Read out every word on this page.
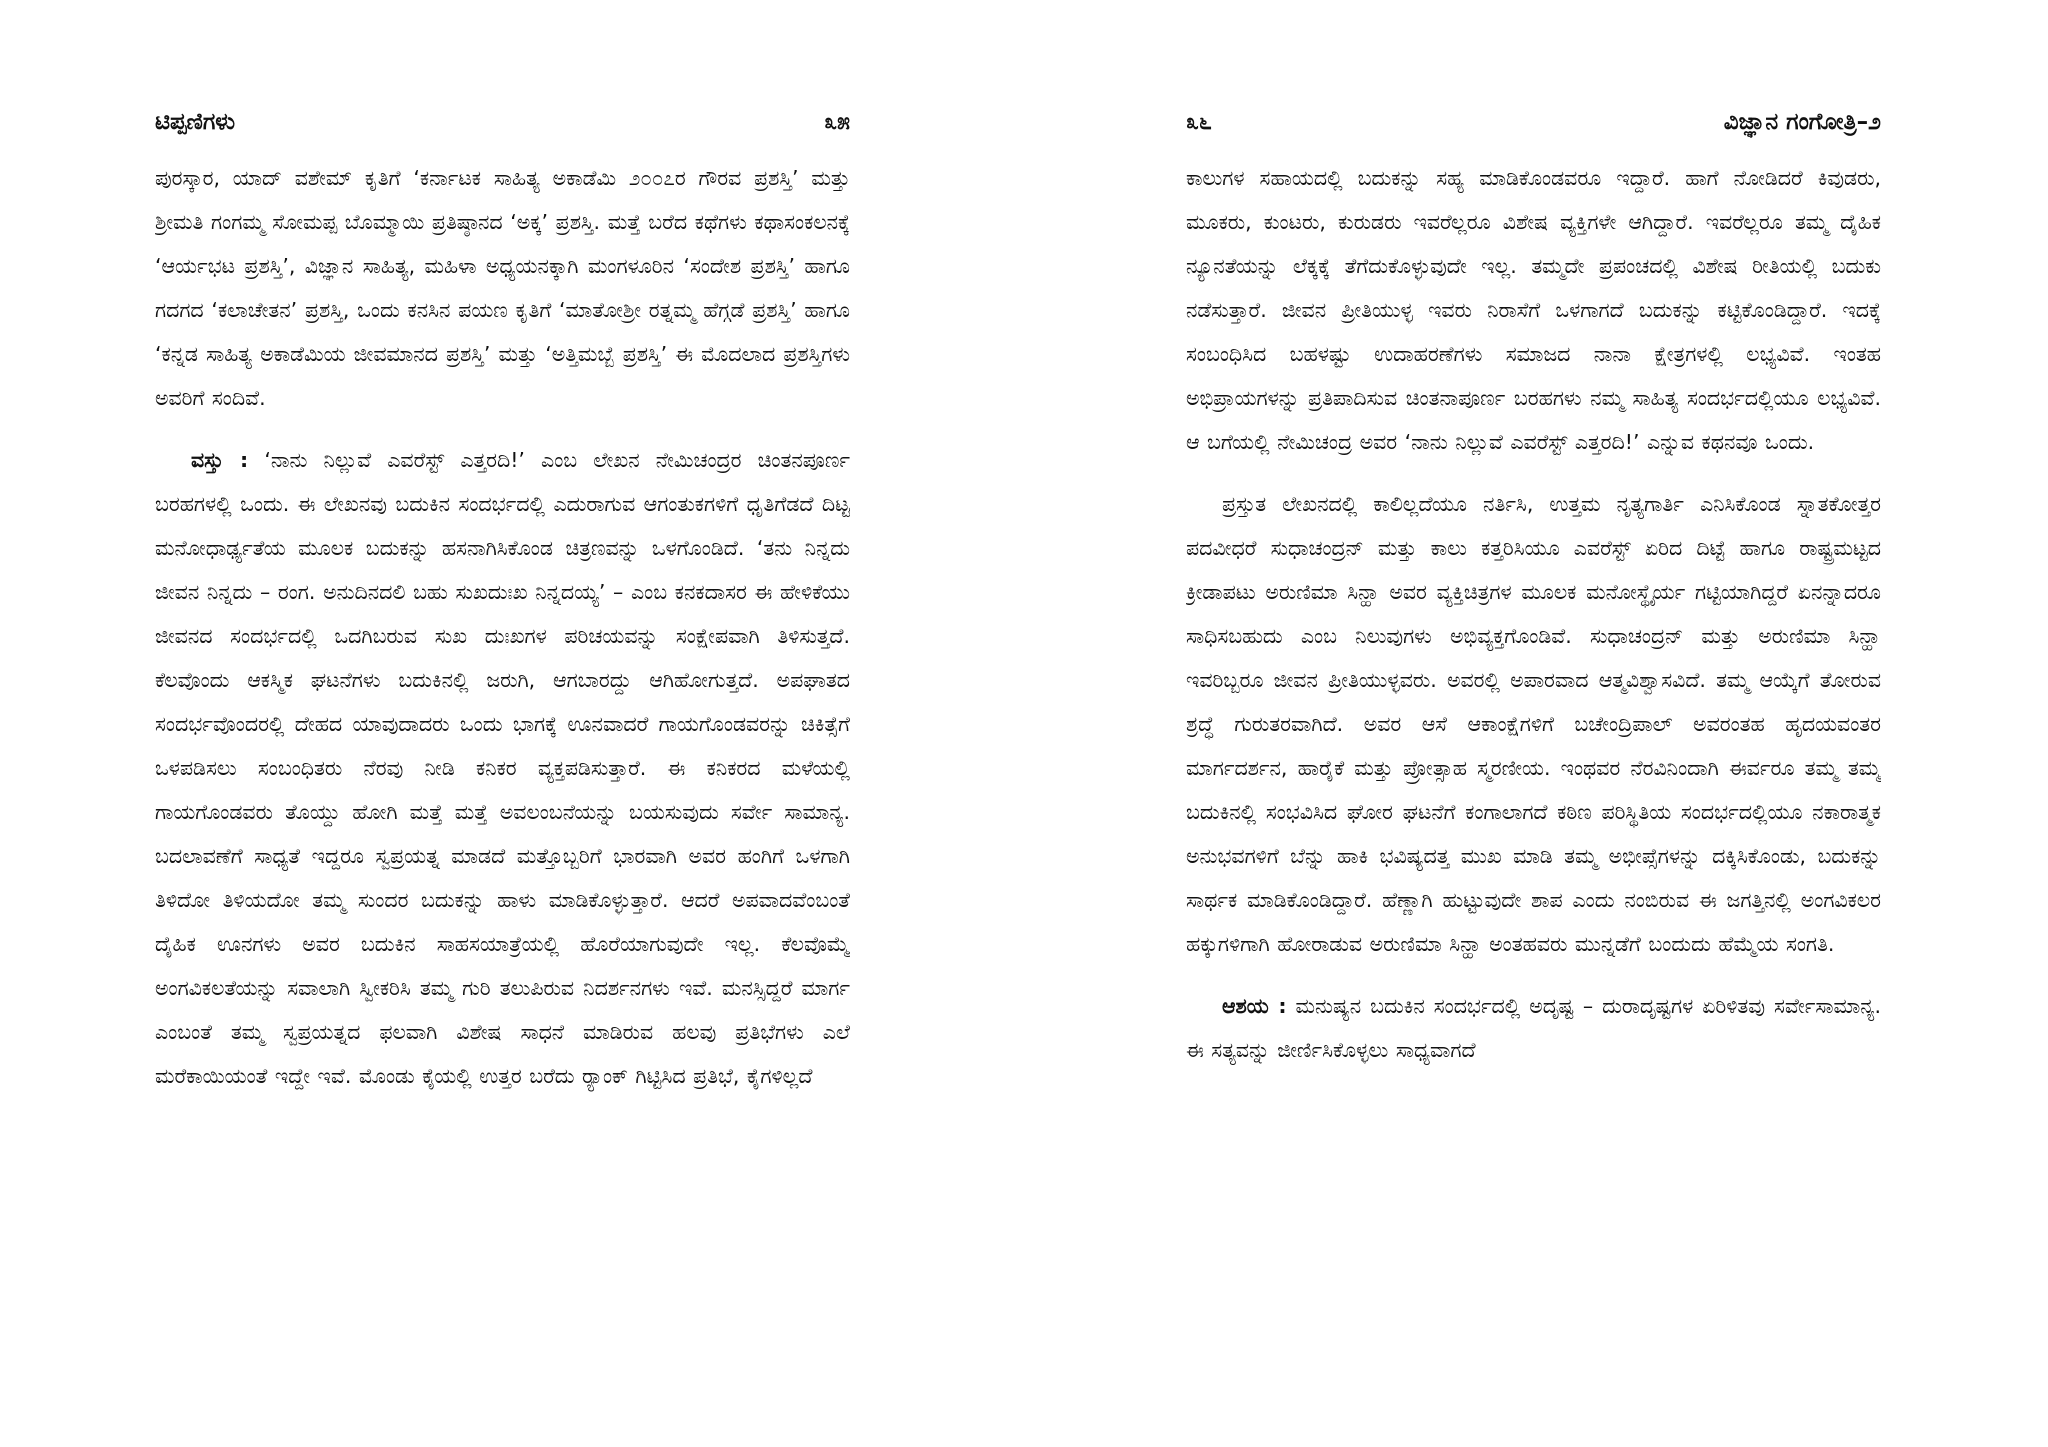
ಟಿಪ್ಪಣಿಗಳು	೩೫

ಪುರಸ್ಕಾರ, ಯಾದ್ ವಶೇಮ್ ಕೃತಿಗೆ ‘ಕರ್ನಾಟಕ ಸಾಹಿತ್ಯ ಅಕಾಡೆಮಿ ೨೦೦೭ರ ಗೌರವ ಪ್ರಶಸ್ತಿ’ ಮತ್ತು ಶ್ರೀಮತಿ ಗಂಗಮ್ಮ ಸೋಮಪ್ಪ ಬೊಮ್ಮಾಯಿ ಪ್ರತಿಷ್ಠಾನದ ‘ಅಕ್ಕ’ ಪ್ರಶಸ್ತಿ. ಮತ್ತೆ ಬರೆದ ಕಥೆಗಳು ಕಥಾಸಂಕಲನಕ್ಕೆ ‘ಆರ್ಯಭಟ ಪ್ರಶಸ್ತಿ’, ವಿಜ್ಞಾನ ಸಾಹಿತ್ಯ, ಮಹಿಳಾ ಅಧ್ಯಯನಕ್ಕಾಗಿ ಮಂಗಳೂರಿನ ‘ಸಂದೇಶ ಪ್ರಶಸ್ತಿ’ ಹಾಗೂ ಗದಗದ ‘ಕಲಾಚೇತನ’ ಪ್ರಶಸ್ತಿ, ಒಂದು ಕನಸಿನ ಪಯಣ ಕೃತಿಗೆ ‘ಮಾತೋಶ್ರೀ ರತ್ನಮ್ಮ ಹೆಗ್ಗಡೆ ಪ್ರಶಸ್ತಿ’ ಹಾಗೂ ‘ಕನ್ನಡ ಸಾಹಿತ್ಯ ಅಕಾಡೆಮಿಯ ಜೀವಮಾನದ ಪ್ರಶಸ್ತಿ’ ಮತ್ತು ‘ಅತ್ತಿಮಬ್ಬೆ ಪ್ರಶಸ್ತಿ’ ಈ ಮೊದಲಾದ ಪ್ರಶಸ್ತಿಗಳು ಅವರಿಗೆ ಸಂದಿವೆ.

ವಸ್ತು : ‘ನಾನು ನಿಲ್ಲುವೆ ಎವರೆಸ್ಟ್ ಎತ್ತರದಿ!’ ಎಂಬ ಲೇಖನ ನೇಮಿಚಂದ್ರರ ಚಿಂತನಪೂರ್ಣ ಬರಹಗಳಲ್ಲಿ ಒಂದು. ಈ ಲೇಖನವು ಬದುಕಿನ ಸಂದರ್ಭದಲ್ಲಿ ಎದುರಾಗುವ ಆಗಂತುಕಗಳಿಗೆ ಧೃತಿಗೆಡದೆ ದಿಟ್ಟ ಮನೋಧಾರ್ಢ್ಯತೆಯ ಮೂಲಕ ಬದುಕನ್ನು ಹಸನಾಗಿಸಿಕೊಂಡ ಚಿತ್ರಣವನ್ನು ಒಳಗೊಂಡಿದೆ. ‘ತನು ನಿನ್ನದು ಜೀವನ ನಿನ್ನದು – ರಂಗ. ಅನುದಿನದಲಿ ಬಹು ಸುಖದುಃಖ ನಿನ್ನದಯ್ಯ’ – ಎಂಬ ಕನಕದಾಸರ ಈ ಹೇಳಿಕೆಯು ಜೀವನದ ಸಂದರ್ಭದಲ್ಲಿ ಒದಗಿಬರುವ ಸುಖ ದುಃಖಗಳ ಪರಿಚಯವನ್ನು ಸಂಕ್ಷೇಪವಾಗಿ ತಿಳಿಸುತ್ತದೆ. ಕೆಲವೊಂದು ಆಕಸ್ಮಿಕ ಘಟನೆಗಳು ಬದುಕಿನಲ್ಲಿ ಜರುಗಿ, ಆಗಬಾರದ್ದು ಆಗಿಹೋಗುತ್ತದೆ. ಅಪಘಾತದ ಸಂದರ್ಭವೊಂದರಲ್ಲಿ ದೇಹದ ಯಾವುದಾದರು ಒಂದು ಭಾಗಕ್ಕೆ ಊನವಾದರೆ ಗಾಯಗೊಂಡವರನ್ನು ಚಿಕಿತ್ಸೆಗೆ ಒಳಪಡಿಸಲು ಸಂಬಂಧಿತರು ನೆರವು ನೀಡಿ ಕನಿಕರ ವ್ಯಕ್ತಪಡಿಸುತ್ತಾರೆ. ಈ ಕನಿಕರದ ಮಳೆಯಲ್ಲಿ ಗಾಯಗೊಂಡವರು ತೊಯ್ದು ಹೋಗಿ ಮತ್ತೆ ಮತ್ತೆ ಅವಲಂಬನೆಯನ್ನು ಬಯಸುವುದು ಸರ್ವೇ ಸಾಮಾನ್ಯ. ಬದಲಾವಣೆಗೆ ಸಾಧ್ಯತೆ ಇದ್ದರೂ ಸ್ವಪ್ರಯತ್ನ ಮಾಡದೆ ಮತ್ತೊಬ್ಬರಿಗೆ ಭಾರವಾಗಿ ಅವರ ಹಂಗಿಗೆ ಒಳಗಾಗಿ ತಿಳಿದೋ ತಿಳಿಯದೋ ತಮ್ಮ ಸುಂದರ ಬದುಕನ್ನು ಹಾಳು ಮಾಡಿಕೊಳ್ಳುತ್ತಾರೆ. ಆದರೆ ಅಪವಾದವೆಂಬಂತೆ ದೈಹಿಕ ಊನಗಳು ಅವರ ಬದುಕಿನ ಸಾಹಸಯಾತ್ರೆಯಲ್ಲಿ ಹೊರೆಯಾಗುವುದೇ ಇಲ್ಲ. ಕೆಲವೊಮ್ಮೆ ಅಂಗವಿಕಲತೆಯನ್ನು ಸವಾಲಾಗಿ ಸ್ವೀಕರಿಸಿ ತಮ್ಮ ಗುರಿ ತಲುಪಿರುವ ನಿದರ್ಶನಗಳು ಇವೆ. ಮನಸ್ಸಿದ್ದರೆ ಮಾರ್ಗ ಎಂಬಂತೆ ತಮ್ಮ ಸ್ವಪ್ರಯತ್ನದ ಫಲವಾಗಿ ವಿಶೇಷ ಸಾಧನೆ ಮಾಡಿರುವ ಹಲವು ಪ್ರತಿಭೆಗಳು ಎಲೆ ಮರೆಕಾಯಿಯಂತೆ ಇದ್ದೇ ಇವೆ. ಮೊಂಡು ಕೈಯಲ್ಲಿ ಉತ್ತರ ಬರೆದು ರ್‍ಯಾಂಕ್ ಗಿಟ್ಟಿಸಿದ ಪ್ರತಿಭೆ, ಕೈಗಳಿಲ್ಲದೆ

೩೬	ವಿಜ್ಞಾನ ಗಂಗೋತ್ರಿ–೨

ಕಾಲುಗಳ ಸಹಾಯದಲ್ಲಿ ಬದುಕನ್ನು ಸಹ್ಯ ಮಾಡಿಕೊಂಡವರೂ ಇದ್ದಾರೆ. ಹಾಗೆ ನೋಡಿದರೆ ಕಿವುಡರು, ಮೂಕರು, ಕುಂಟರು, ಕುರುಡರು ಇವರೆಲ್ಲರೂ ವಿಶೇಷ ವ್ಯಕ್ತಿಗಳೇ ಆಗಿದ್ದಾರೆ. ಇವರೆಲ್ಲರೂ ತಮ್ಮ ದೈಹಿಕ ನ್ಯೂನತೆಯನ್ನು ಲೆಕ್ಕಕ್ಕೆ ತೆಗೆದುಕೊಳ್ಳುವುದೇ ಇಲ್ಲ. ತಮ್ಮದೇ ಪ್ರಪಂಚದಲ್ಲಿ ವಿಶೇಷ ರೀತಿಯಲ್ಲಿ ಬದುಕು ನಡೆಸುತ್ತಾರೆ. ಜೀವನ ಪ್ರೀತಿಯುಳ್ಳ ಇವರು ನಿರಾಸೆಗೆ ಒಳಗಾಗದೆ ಬದುಕನ್ನು ಕಟ್ಟಿಕೊಂಡಿದ್ದಾರೆ. ಇದಕ್ಕೆ ಸಂಬಂಧಿಸಿದ ಬಹಳಷ್ಟು ಉದಾಹರಣೆಗಳು ಸಮಾಜದ ನಾನಾ ಕ್ಷೇತ್ರಗಳಲ್ಲಿ ಲಭ್ಯವಿವೆ. ಇಂತಹ ಅಭಿಪ್ರಾಯಗಳನ್ನು ಪ್ರತಿಪಾದಿಸುವ ಚಿಂತನಾಪೂರ್ಣ ಬರಹಗಳು ನಮ್ಮ ಸಾಹಿತ್ಯ ಸಂದರ್ಭದಲ್ಲಿಯೂ ಲಭ್ಯವಿವೆ. ಆ ಬಗೆಯಲ್ಲಿ ನೇಮಿಚಂದ್ರ ಅವರ ‘ನಾನು ನಿಲ್ಲುವೆ ಎವರೆಸ್ಟ್ ಎತ್ತರದಿ!’ ಎನ್ನುವ ಕಥನವೂ ಒಂದು.

ಪ್ರಸ್ತುತ ಲೇಖನದಲ್ಲಿ ಕಾಲಿಲ್ಲದೆಯೂ ನರ್ತಿಸಿ, ಉತ್ತಮ ನೃತ್ಯಗಾರ್ತಿ ಎನಿಸಿಕೊಂಡ ಸ್ನಾತಕೋತ್ತರ ಪದವೀಧರೆ ಸುಧಾಚಂದ್ರನ್ ಮತ್ತು ಕಾಲು ಕತ್ತರಿಸಿಯೂ ಎವರೆಸ್ಟ್ ಏರಿದ ದಿಟ್ಟೆ ಹಾಗೂ ರಾಷ್ಟ್ರಮಟ್ಟದ ಕ್ರೀಡಾಪಟು ಅರುಣಿಮಾ ಸಿನ್ಹಾ ಅವರ ವ್ಯಕ್ತಿಚಿತ್ರಗಳ ಮೂಲಕ ಮನೋಸ್ಥೈರ್ಯ ಗಟ್ಟಿಯಾಗಿದ್ದರೆ ಏನನ್ನಾದರೂ ಸಾಧಿಸಬಹುದು ಎಂಬ ನಿಲುವುಗಳು ಅಭಿವ್ಯಕ್ತಗೊಂಡಿವೆ. ಸುಧಾಚಂದ್ರನ್ ಮತ್ತು ಅರುಣಿಮಾ ಸಿನ್ಹಾ ಇವರಿಬ್ಬರೂ ಜೀವನ ಪ್ರೀತಿಯುಳ್ಳವರು. ಅವರಲ್ಲಿ ಅಪಾರವಾದ ಆತ್ಮವಿಶ್ವಾಸವಿದೆ. ತಮ್ಮ ಆಯ್ಕೆಗೆ ತೋರುವ ಶ್ರದ್ಧೆ ಗುರುತರವಾಗಿದೆ. ಅವರ ಆಸೆ ಆಕಾಂಕ್ಷೆಗಳಿಗೆ ಬಚೇಂದ್ರಿಪಾಲ್ ಅವರಂತಹ ಹೃದಯವಂತರ ಮಾರ್ಗದರ್ಶನ, ಹಾರೈಕೆ ಮತ್ತು ಪ್ರೋತ್ಸಾಹ ಸ್ಮರಣೀಯ. ಇಂಥವರ ನೆರವಿನಿಂದಾಗಿ ಈರ್ವರೂ ತಮ್ಮ ತಮ್ಮ ಬದುಕಿನಲ್ಲಿ ಸಂಭವಿಸಿದ ಘೋರ ಘಟನೆಗೆ ಕಂಗಾಲಾಗದೆ ಕಠಿಣ ಪರಿಸ್ಥಿತಿಯ ಸಂದರ್ಭದಲ್ಲಿಯೂ ನಕಾರಾತ್ಮಕ ಅನುಭವಗಳಿಗೆ ಬೆನ್ನು ಹಾಕಿ ಭವಿಷ್ಯದತ್ತ ಮುಖ ಮಾಡಿ ತಮ್ಮ ಅಭೀಪ್ಸೆಗಳನ್ನು ದಕ್ಕಿಸಿಕೊಂಡು, ಬದುಕನ್ನು ಸಾರ್ಥಕ ಮಾಡಿಕೊಂಡಿದ್ದಾರೆ. ಹೆಣ್ಣಾಗಿ ಹುಟ್ಟುವುದೇ ಶಾಪ ಎಂದು ನಂಬಿರುವ ಈ ಜಗತ್ತಿನಲ್ಲಿ ಅಂಗವಿಕಲರ ಹಕ್ಕುಗಳಿಗಾಗಿ ಹೋರಾಡುವ ಅರುಣಿಮಾ ಸಿನ್ಹಾ ಅಂತಹವರು ಮುನ್ನಡೆಗೆ ಬಂದುದು ಹೆಮ್ಮೆಯ ಸಂಗತಿ.

ಆಶಯ : ಮನುಷ್ಯನ ಬದುಕಿನ ಸಂದರ್ಭದಲ್ಲಿ ಅದೃಷ್ಟ – ದುರಾದೃಷ್ಟಗಳ ಏರಿಳಿತವು ಸರ್ವೇಸಾಮಾನ್ಯ. ಈ ಸತ್ಯವನ್ನು ಜೀರ್ಣಿಸಿಕೊಳ್ಳಲು ಸಾಧ್ಯವಾಗದೆ
